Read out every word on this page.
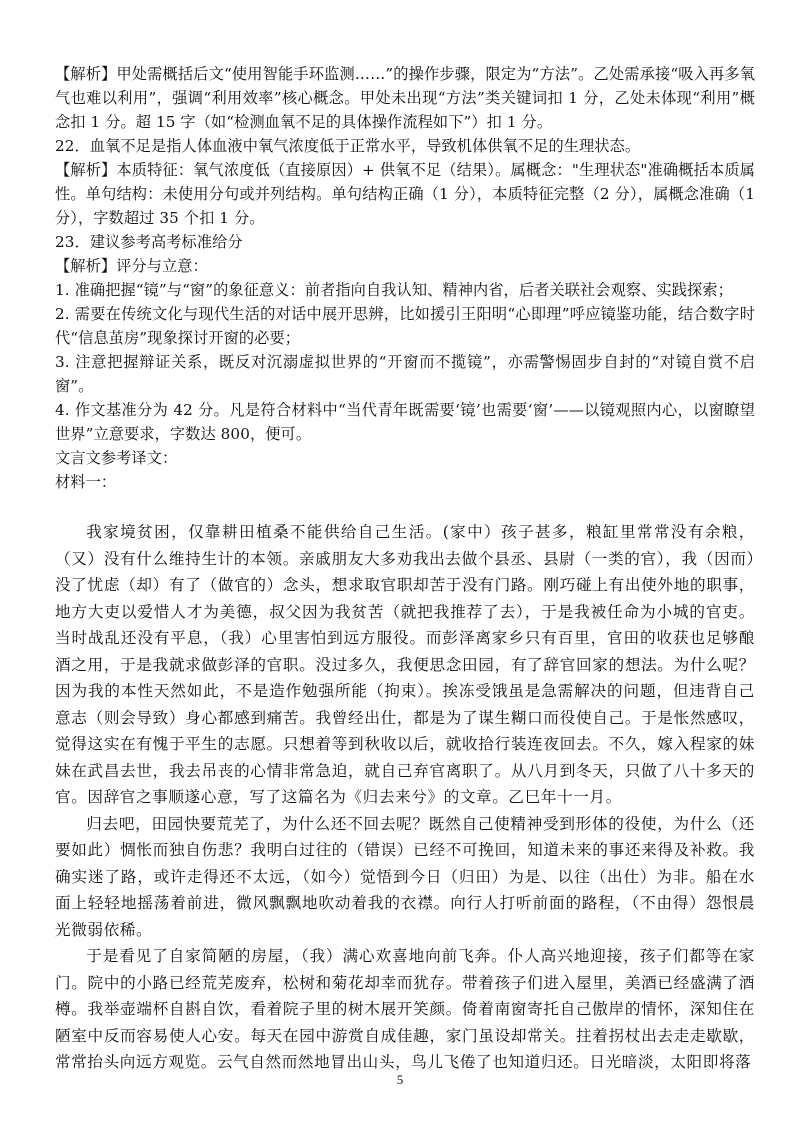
【解析】甲处需概括后文“使用智能手环监测……”的操作步骤，限定为“方法”。乙处需承接“吸入再多氧气也难以利用”，强调“利用效率”核心概念。甲处未出现“方法”类关键词扣 1 分，乙处未体现“利用”概念扣 1 分。超 15 字（如“检测血氧不足的具体操作流程如下”）扣 1 分。

22．血氧不足是指人体血液中氧气浓度低于正常水平，导致机体供氧不足的生理状态。

【解析】本质特征：氧气浓度低（直接原因）+ 供氧不足（结果）。属概念："生理状态"准确概括本质属性。单句结构：未使用分句或并列结构。单句结构正确（1 分），本质特征完整（2 分），属概念准确（1 分），字数超过 35 个扣 1 分。

23．建议参考高考标准给分

【解析】评分与立意：

1. 准确把握“镜”与“窗”的象征意义：前者指向自我认知、精神内省，后者关联社会观察、实践探索；

2. 需要在传统文化与现代生活的对话中展开思辨，比如援引王阳明“心即理”呼应镜鉴功能，结合数字时代“信息茧房”现象探讨开窗的必要；

3. 注意把握辩证关系，既反对沉溺虚拟世界的“开窗而不揽镜”，亦需警惕固步自封的“对镜自赏不启窗”。

4. 作文基准分为 42 分。凡是符合材料中“当代青年既需要‘镜’也需要‘窗’——以镜观照内心，以窗瞭望世界”立意要求，字数达 800，便可。

文言文参考译文：

材料一：

我家境贫困，仅靠耕田植桑不能供给自己生活。(家中）孩子甚多，粮缸里常常没有余粮，（又）没有什么维持生计的本领。亲戚朋友大多劝我出去做个县丞、县尉（一类的官），我（因而）没了忧虑（却）有了（做官的）念头，想求取官职却苦于没有门路。刚巧碰上有出使外地的职事，地方大吏以爱惜人才为美德，叔父因为我贫苦（就把我推荐了去），于是我被任命为小城的官吏。当时战乱还没有平息，（我）心里害怕到远方服役。而彭泽离家乡只有百里，官田的收获也足够酿酒之用，于是我就求做彭泽的官职。没过多久，我便思念田园，有了辞官回家的想法。为什么呢？因为我的本性天然如此，不是造作勉强所能（拘束）。挨冻受饿虽是急需解决的问题，但违背自己意志（则会导致）身心都感到痛苦。我曾经出仕，都是为了谋生糊口而役使自己。于是怅然感叹，觉得这实在有愧于平生的志愿。只想着等到秋收以后，就收拾行装连夜回去。不久，嫁入程家的妹妹在武昌去世，我去吊丧的心情非常急迫，就自己弃官离职了。从八月到冬天，只做了八十多天的官。因辞官之事顺遂心意，写了这篇名为《归去来兮》的文章。乙巳年十一月。

归去吧，田园快要荒芜了，为什么还不回去呢？既然自己使精神受到形体的役使，为什么（还要如此）惆怅而独自伤悲？我明白过往的（错误）已经不可挽回，知道未来的事还来得及补救。我确实迷了路，或许走得还不太远，（如今）觉悟到今日（归田）为是、以往（出仕）为非。船在水面上轻轻地摇荡着前进，微风飘飘地吹动着我的衣襟。向行人打听前面的路程，（不由得）怨恨晨光微弱依稀。

于是看见了自家简陋的房屋，（我）满心欢喜地向前飞奔。仆人高兴地迎接，孩子们都等在家门。院中的小路已经荒芜废弃，松树和菊花却幸而犹存。带着孩子们进入屋里，美酒已经盛满了酒樽。我举壶端杯自斟自饮，看着院子里的树木展开笑颜。倚着南窗寄托自己傲岸的情怀，深知住在陋室中反而容易使人心安。每天在园中游赏自成佳趣，家门虽设却常关。拄着拐杖出去走走歇歇，常常抬头向远方观览。云气自然而然地冒出山头，鸟儿飞倦了也知道归还。日光暗淡，太阳即将落

5
